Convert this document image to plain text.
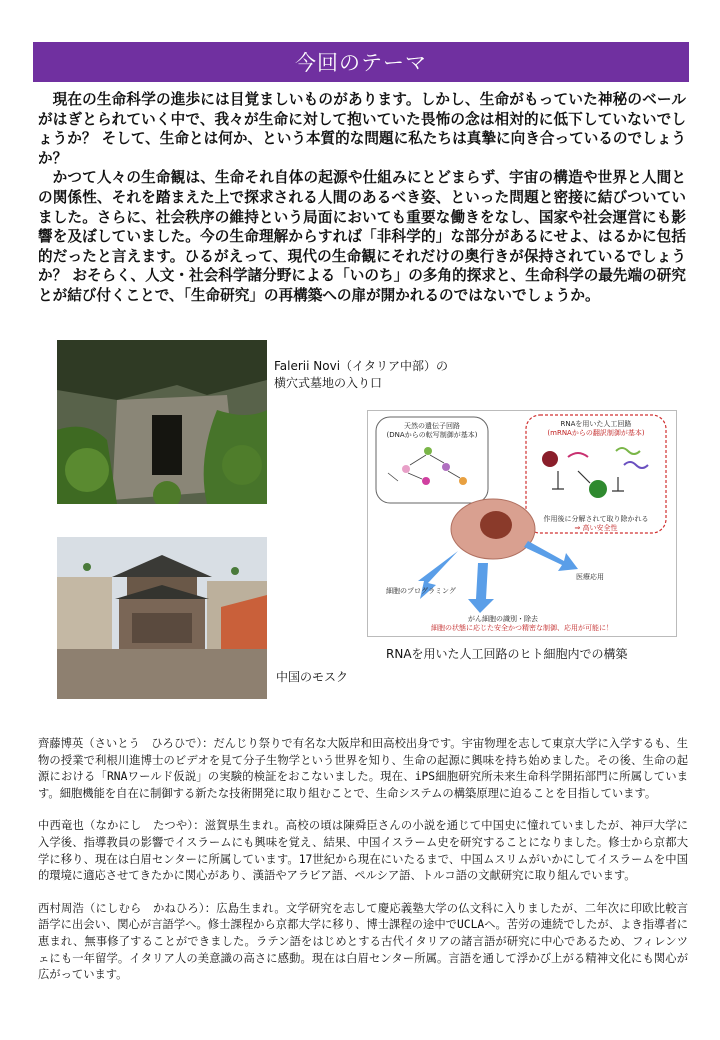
今回のテーマ

現在の生命科学の進歩には目覚ましいものがあります。しかし、生命がもっていた神秘のベールがはぎとられていく中で、我々が生命に対して抱いていた畏怖の念は相対的に低下していないでしょうか？ そして、生命とは何か、という本質的な問題に私たちは真摯に向き合っているのでしょうか？

かつて人々の生命観は、生命それ自体の起源や仕組みにとどまらず、宇宙の構造や世界と人間との関係性、それを踏まえた上で探求される人間のあるべき姿、といった問題と密接に結びついていました。さらに、社会秩序の維持という局面においても重要な働きをなし、国家や社会運営にも影響を及ぼしていました。今の生命理解からすれば「非科学的」な部分があるにせよ、はるかに包括的だったと言えます。ひるがえって、現代の生命観にそれだけの奥行きが保持されているでしょうか？ おそらく、人文・社会科学諸分野による「いのち」の多角的探求と、生命科学の最先端の研究とが結び付くことで、「生命研究」の再構築への扉が開かれるのではないでしょうか。

Falerii Novi（イタリア中部）の
横穴式墓地の入り口
天然の遺伝子回路
(DNAからの転写制御が基本)
RNAを用いた人工回路
(mRNAからの翻訳制御が基本)
作用後に分解されて取り除かれる
⇒ 高い安全性
医療応用
細胞のプログラミング
がん細胞の識別・除去
細胞の状態に応じた安全かつ精密な制御、応用が可能に！
RNAを用いた人工回路のヒト細胞内での構築
中国のモスク

齊藤博英（さいとう　ひろひで）：だんじり祭りで有名な大阪岸和田高校出身です。宇宙物理を志して東京大学に入学するも、生物の授業で利根川進博士のビデオを見て分子生物学という世界を知り、生命の起源に興味を持ち始めました。その後、生命の起源における「RNAワールド仮説」の実験的検証をおこないました。現在、iPS細胞研究所未来生命科学開拓部門に所属しています。細胞機能を自在に制御する新たな技術開発に取り組むことで、生命システムの構築原理に迫ることを目指しています。

中西竜也（なかにし　たつや）：滋賀県生まれ。高校の頃は陳舜臣さんの小説を通じて中国史に憧れていましたが、神戸大学に入学後、指導教員の影響でイスラームにも興味を覚え、結果、中国イスラーム史を研究することになりました。修士から京都大学に移り、現在は白眉センターに所属しています。17世紀から現在にいたるまで、中国ムスリムがいかにしてイスラームを中国的環境に適応させてきたかに関心があり、漢語やアラビア語、ペルシア語、トルコ語の文献研究に取り組んでいます。

西村周浩（にしむら　かねひろ）：広島生まれ。文学研究を志して慶応義塾大学の仏文科に入りましたが、二年次に印欧比較言語学に出会い、関心が言語学へ。修士課程から京都大学に移り、博士課程の途中でUCLAへ。苦労の連続でしたが、よき指導者に恵まれ、無事修了することができました。ラテン語をはじめとする古代イタリアの諸言語が研究に中心であるため、フィレンツェにも一年留学。イタリア人の美意識の高さに感動。現在は白眉センター所属。言語を通して浮かび上がる精神文化にも関心が広がっています。
